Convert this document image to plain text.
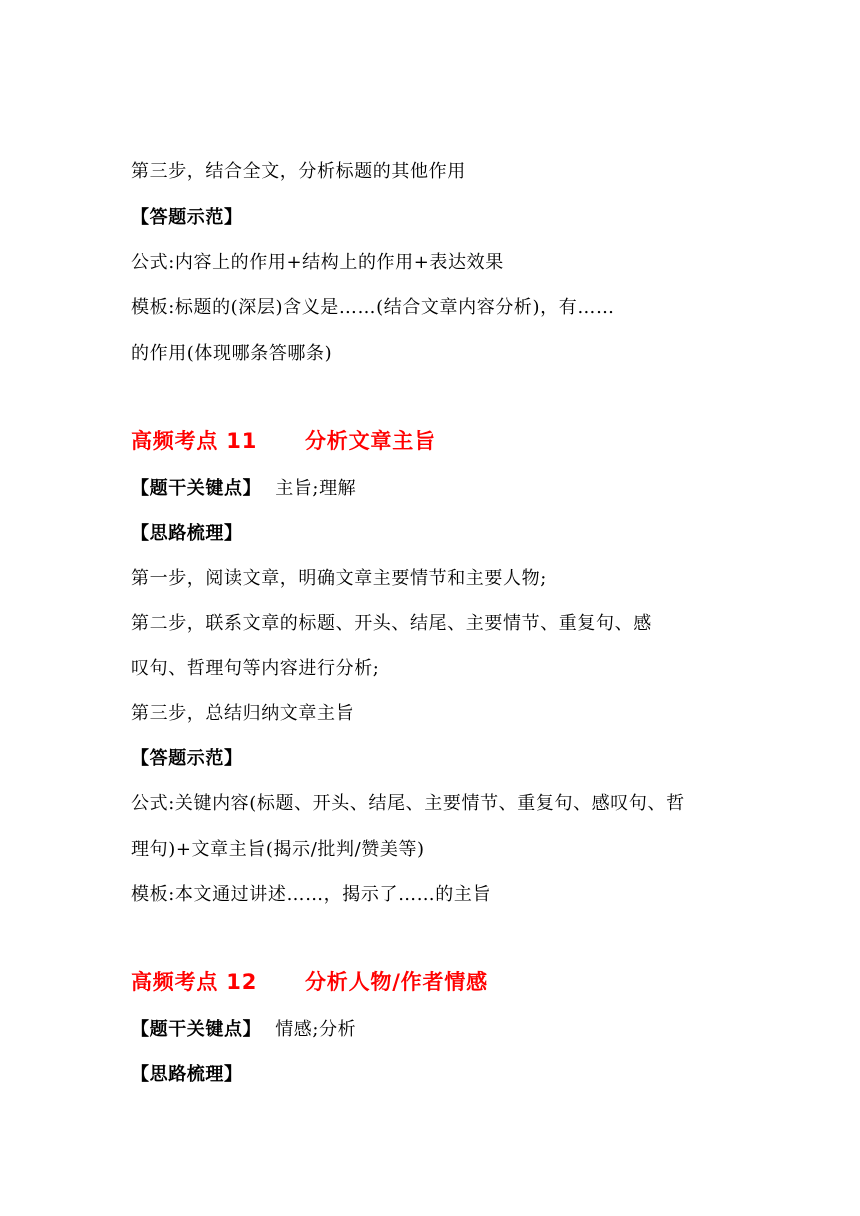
第三步，结合全文，分析标题的其他作用
【答题示范】
公式:内容上的作用+结构上的作用+表达效果
模板:标题的(深层)含义是……(结合文章内容分析)，有……
的作用(体现哪条答哪条)
高频考点 11 分析文章主旨
【题干关键点】 主旨;理解
【思路梳理】
第一步，阅读文章，明确文章主要情节和主要人物;
第二步，联系文章的标题、开头、结尾、主要情节、重复句、感
叹句、哲理句等内容进行分析;
第三步，总结归纳文章主旨
【答题示范】
公式:关键内容(标题、开头、结尾、主要情节、重复句、感叹句、哲
理句)+文章主旨(揭示/批判/赞美等)
模板:本文通过讲述……，揭示了……的主旨
高频考点 12 分析人物/作者情感
【题干关键点】 情感;分析
【思路梳理】
